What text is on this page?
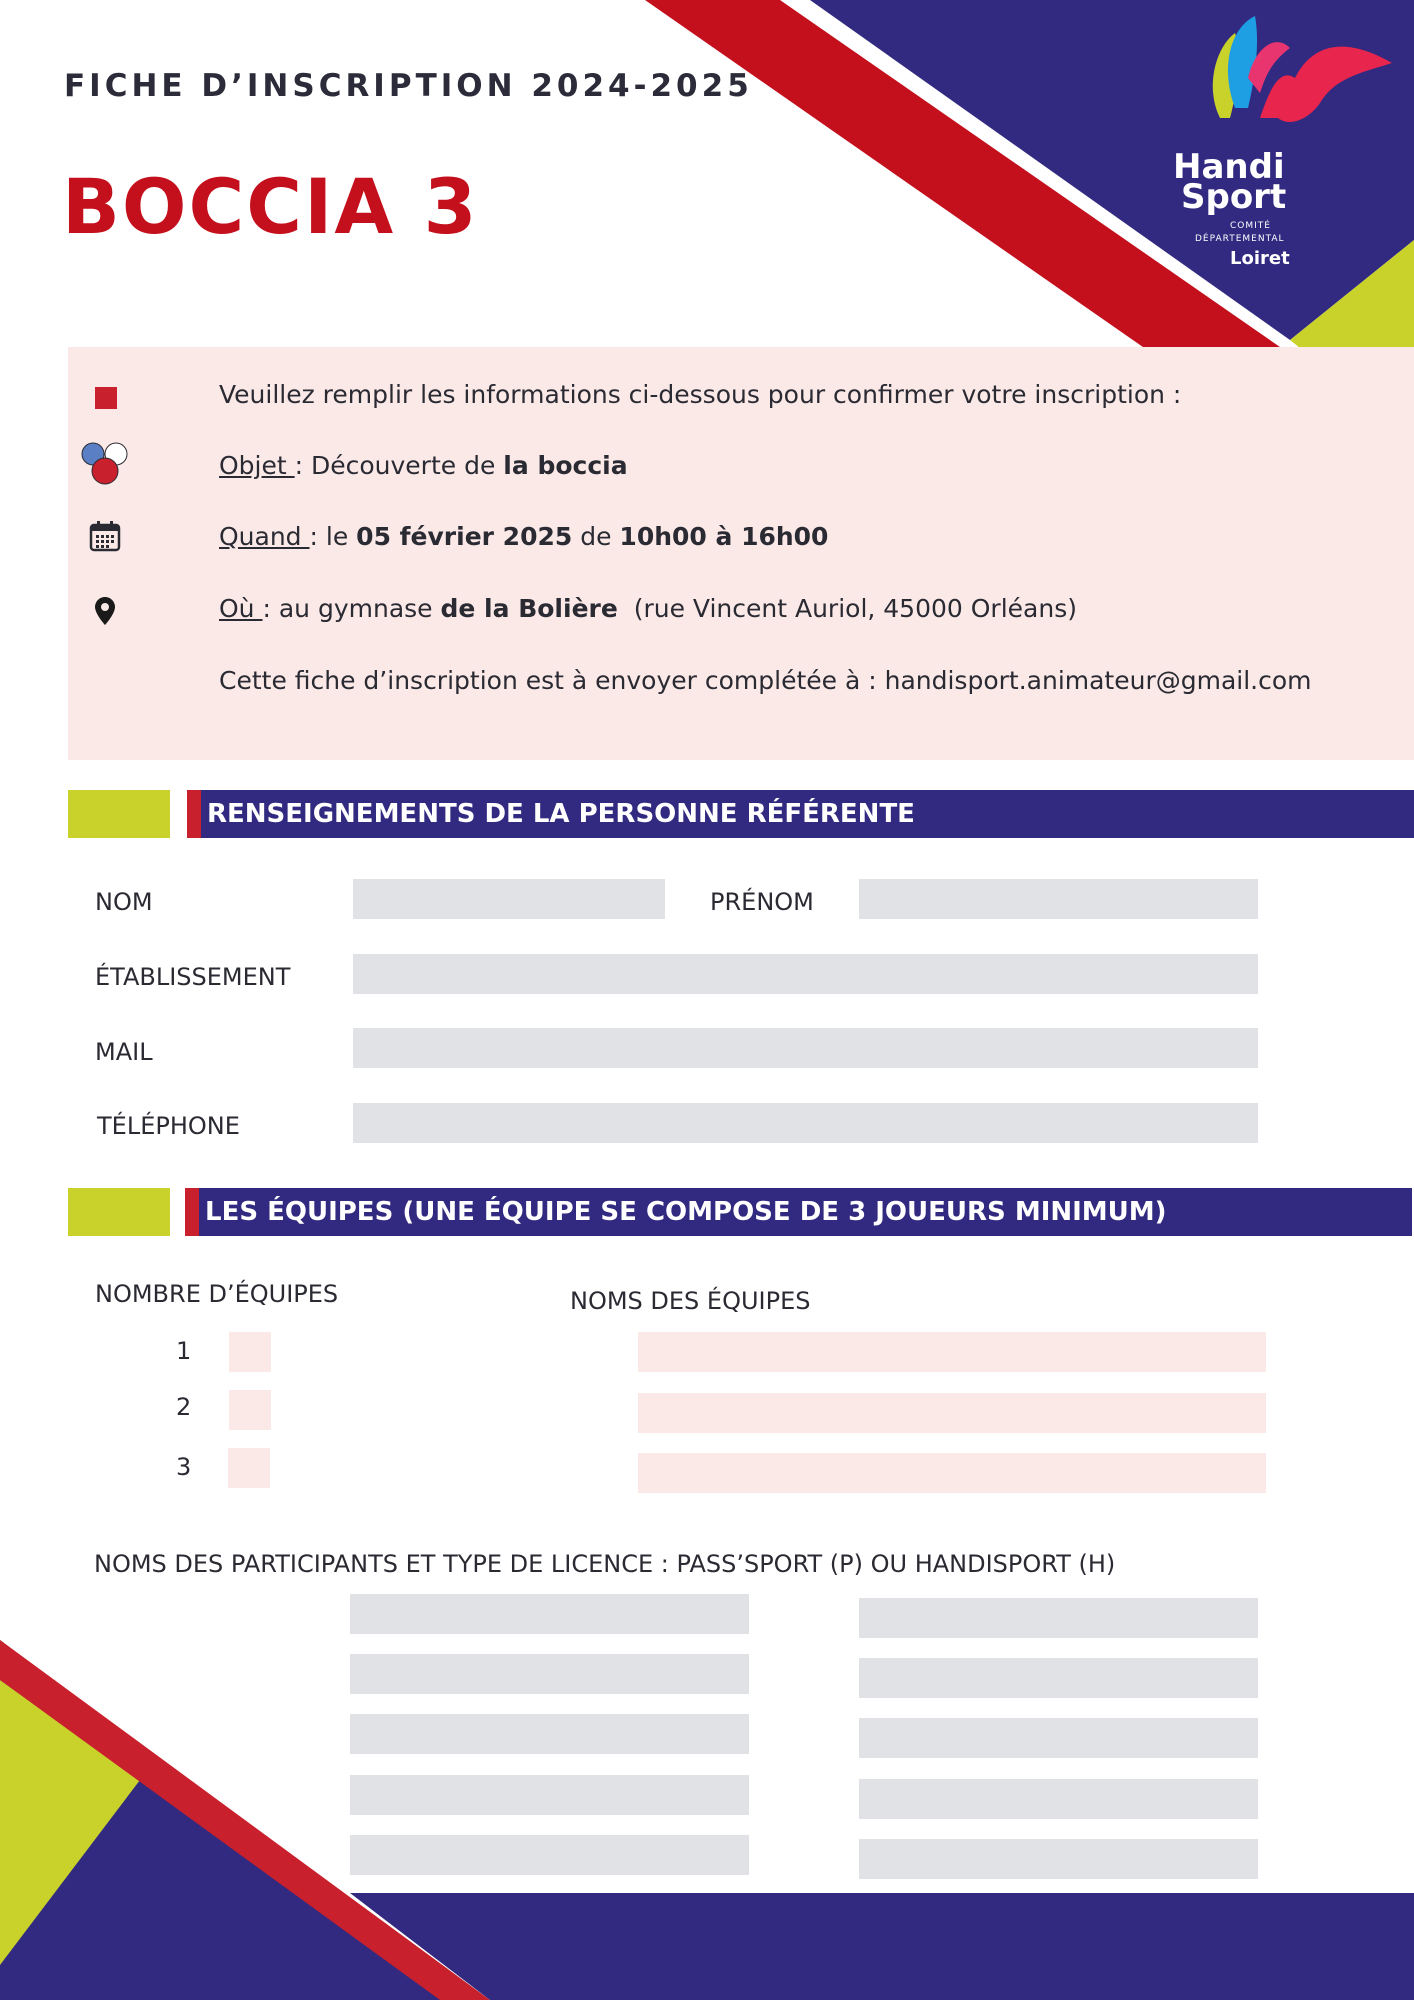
FICHE D’INSCRIPTION 2024-2025
BOCCIA 3	Handi
Sport
COMITÉ
DÉPARTEMENTAL
Loiret
Veuillez remplir les informations ci-dessous pour confirmer votre inscription :
Objet : Découverte de la boccia
Quand : le 05 février 2025 de 10h00 à 16h00
Où : au gymnase de la Bolière  (rue Vincent Auriol, 45000 Orléans)
Cette fiche d’inscription est à envoyer complétée à : handisport.animateur@gmail.com
RENSEIGNEMENTS DE LA PERSONNE RÉFÉRENTE
NOM	PRÉNOM
ÉTABLISSEMENT
MAIL
TÉLÉPHONE
LES ÉQUIPES (UNE ÉQUIPE SE COMPOSE DE 3 JOUEURS MINIMUM)
NOMBRE D’ÉQUIPES	NOMS DES ÉQUIPES
1
2
3
NOMS DES PARTICIPANTS ET TYPE DE LICENCE : PASS’SPORT (P) OU HANDISPORT (H)
